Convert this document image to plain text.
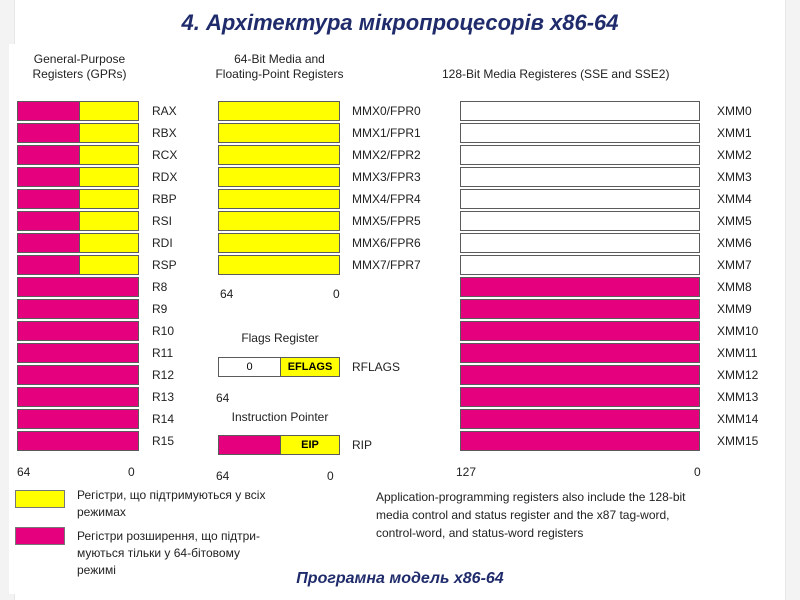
4. Архітектура мікропроцесорів x86-64
General-Purpose
Registers (GPRs)
RAX
RBX
RCX
RDX
RBP
RSI
RDI
RSP
R8
R9
R10
R11
R12
R13
R14
R15
64	0
64-Bit Media and
Floating-Point Registers
MMX0/FPR0
MMX1/FPR1
MMX2/FPR2
MMX3/FPR3
MMX4/FPR4
MMX5/FPR5
MMX6/FPR6
MMX7/FPR7
64	0
Flags Register
0	EFLAGS	RFLAGS
64
Instruction Pointer
EIP	RIP
64	0
128-Bit Media Registeres (SSE and SSE2)
XMM0
XMM1
XMM2
XMM3
XMM4
XMM5
XMM6
XMM7
XMM8
XMM9
XMM10
XMM11
XMM12
XMM13
XMM14
XMM15
127	0
Регістри, що підтримуються у всіх
режимах
Регістри розширення, що підтри-
муються тільки у 64-бітовому
режимі
Application-programming registers also include the 128-bit
media control and status register and the x87 tag-word,
control-word, and status-word registers
Програмна модель x86-64
